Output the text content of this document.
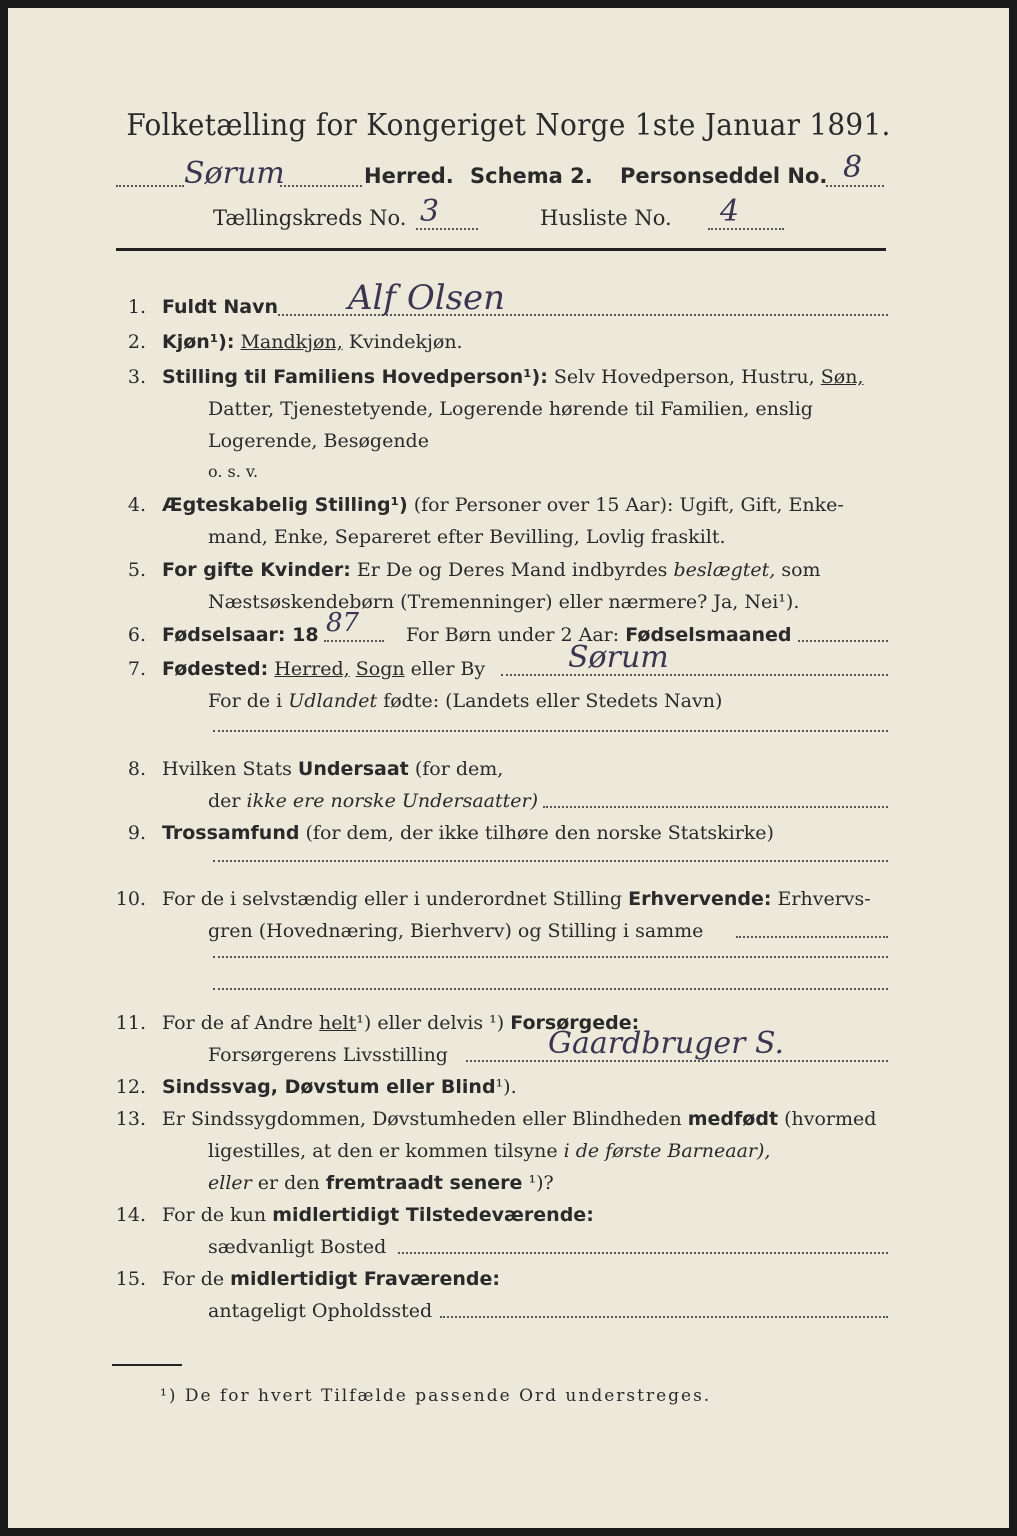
Folketælling for Kongeriget Norge 1ste Januar 1891.
Sørum	Herred. Schema 2. Personseddel No. 8
Tællingskreds No. 3	Husliste No. 4
1. Fuldt Navn Alf Olsen
2. Kjøn¹): Mandkjøn, Kvindekjøn.
3. Stilling til Familiens Hovedperson¹): Selv Hovedperson, Hustru, Søn,
Datter, Tjenestetyende, Logerende hørende til Familien, enslig
Logerende, Besøgende
o. s. v.
4. Ægteskabelig Stilling¹) (for Personer over 15 Aar): Ugift, Gift, Enke-
mand, Enke, Separeret efter Bevilling, Lovlig fraskilt.
5. For gifte Kvinder: Er De og Deres Mand indbyrdes beslægtet, som
Næstsøskendebørn (Tremenninger) eller nærmere? Ja, Nei¹).
6. Fødselsaar: 18 87 For Børn under 2 Aar: Fødselsmaaned
7. Fødested: Herred, Sogn eller By	Sørum
For de i Udlandet fødte: (Landets eller Stedets Navn)
8. Hvilken Stats Undersaat (for dem,
der ikke ere norske Undersaatter)
9. Trossamfund (for dem, der ikke tilhøre den norske Statskirke)
10. For de i selvstændig eller i underordnet Stilling Erhvervende: Erhvervs-
gren (Hovednæring, Bierhverv) og Stilling i samme
11. For de af Andre helt¹) eller delvis ¹) Forsørgede:
Forsørgerens Livsstilling	Gaardbruger S.
12. Sindssvag, Døvstum eller Blind¹).
13. Er Sindssygdommen, Døvstumheden eller Blindheden medfødt (hvormed
ligestilles, at den er kommen tilsyne i de første Barneaar),
eller er den fremtraadt senere ¹)?
14. For de kun midlertidigt Tilstedeværende:
sædvanligt Bosted
15. For de midlertidigt Fraværende:
antageligt Opholdssted
¹) De for hvert Tilfælde passende Ord understreges.
